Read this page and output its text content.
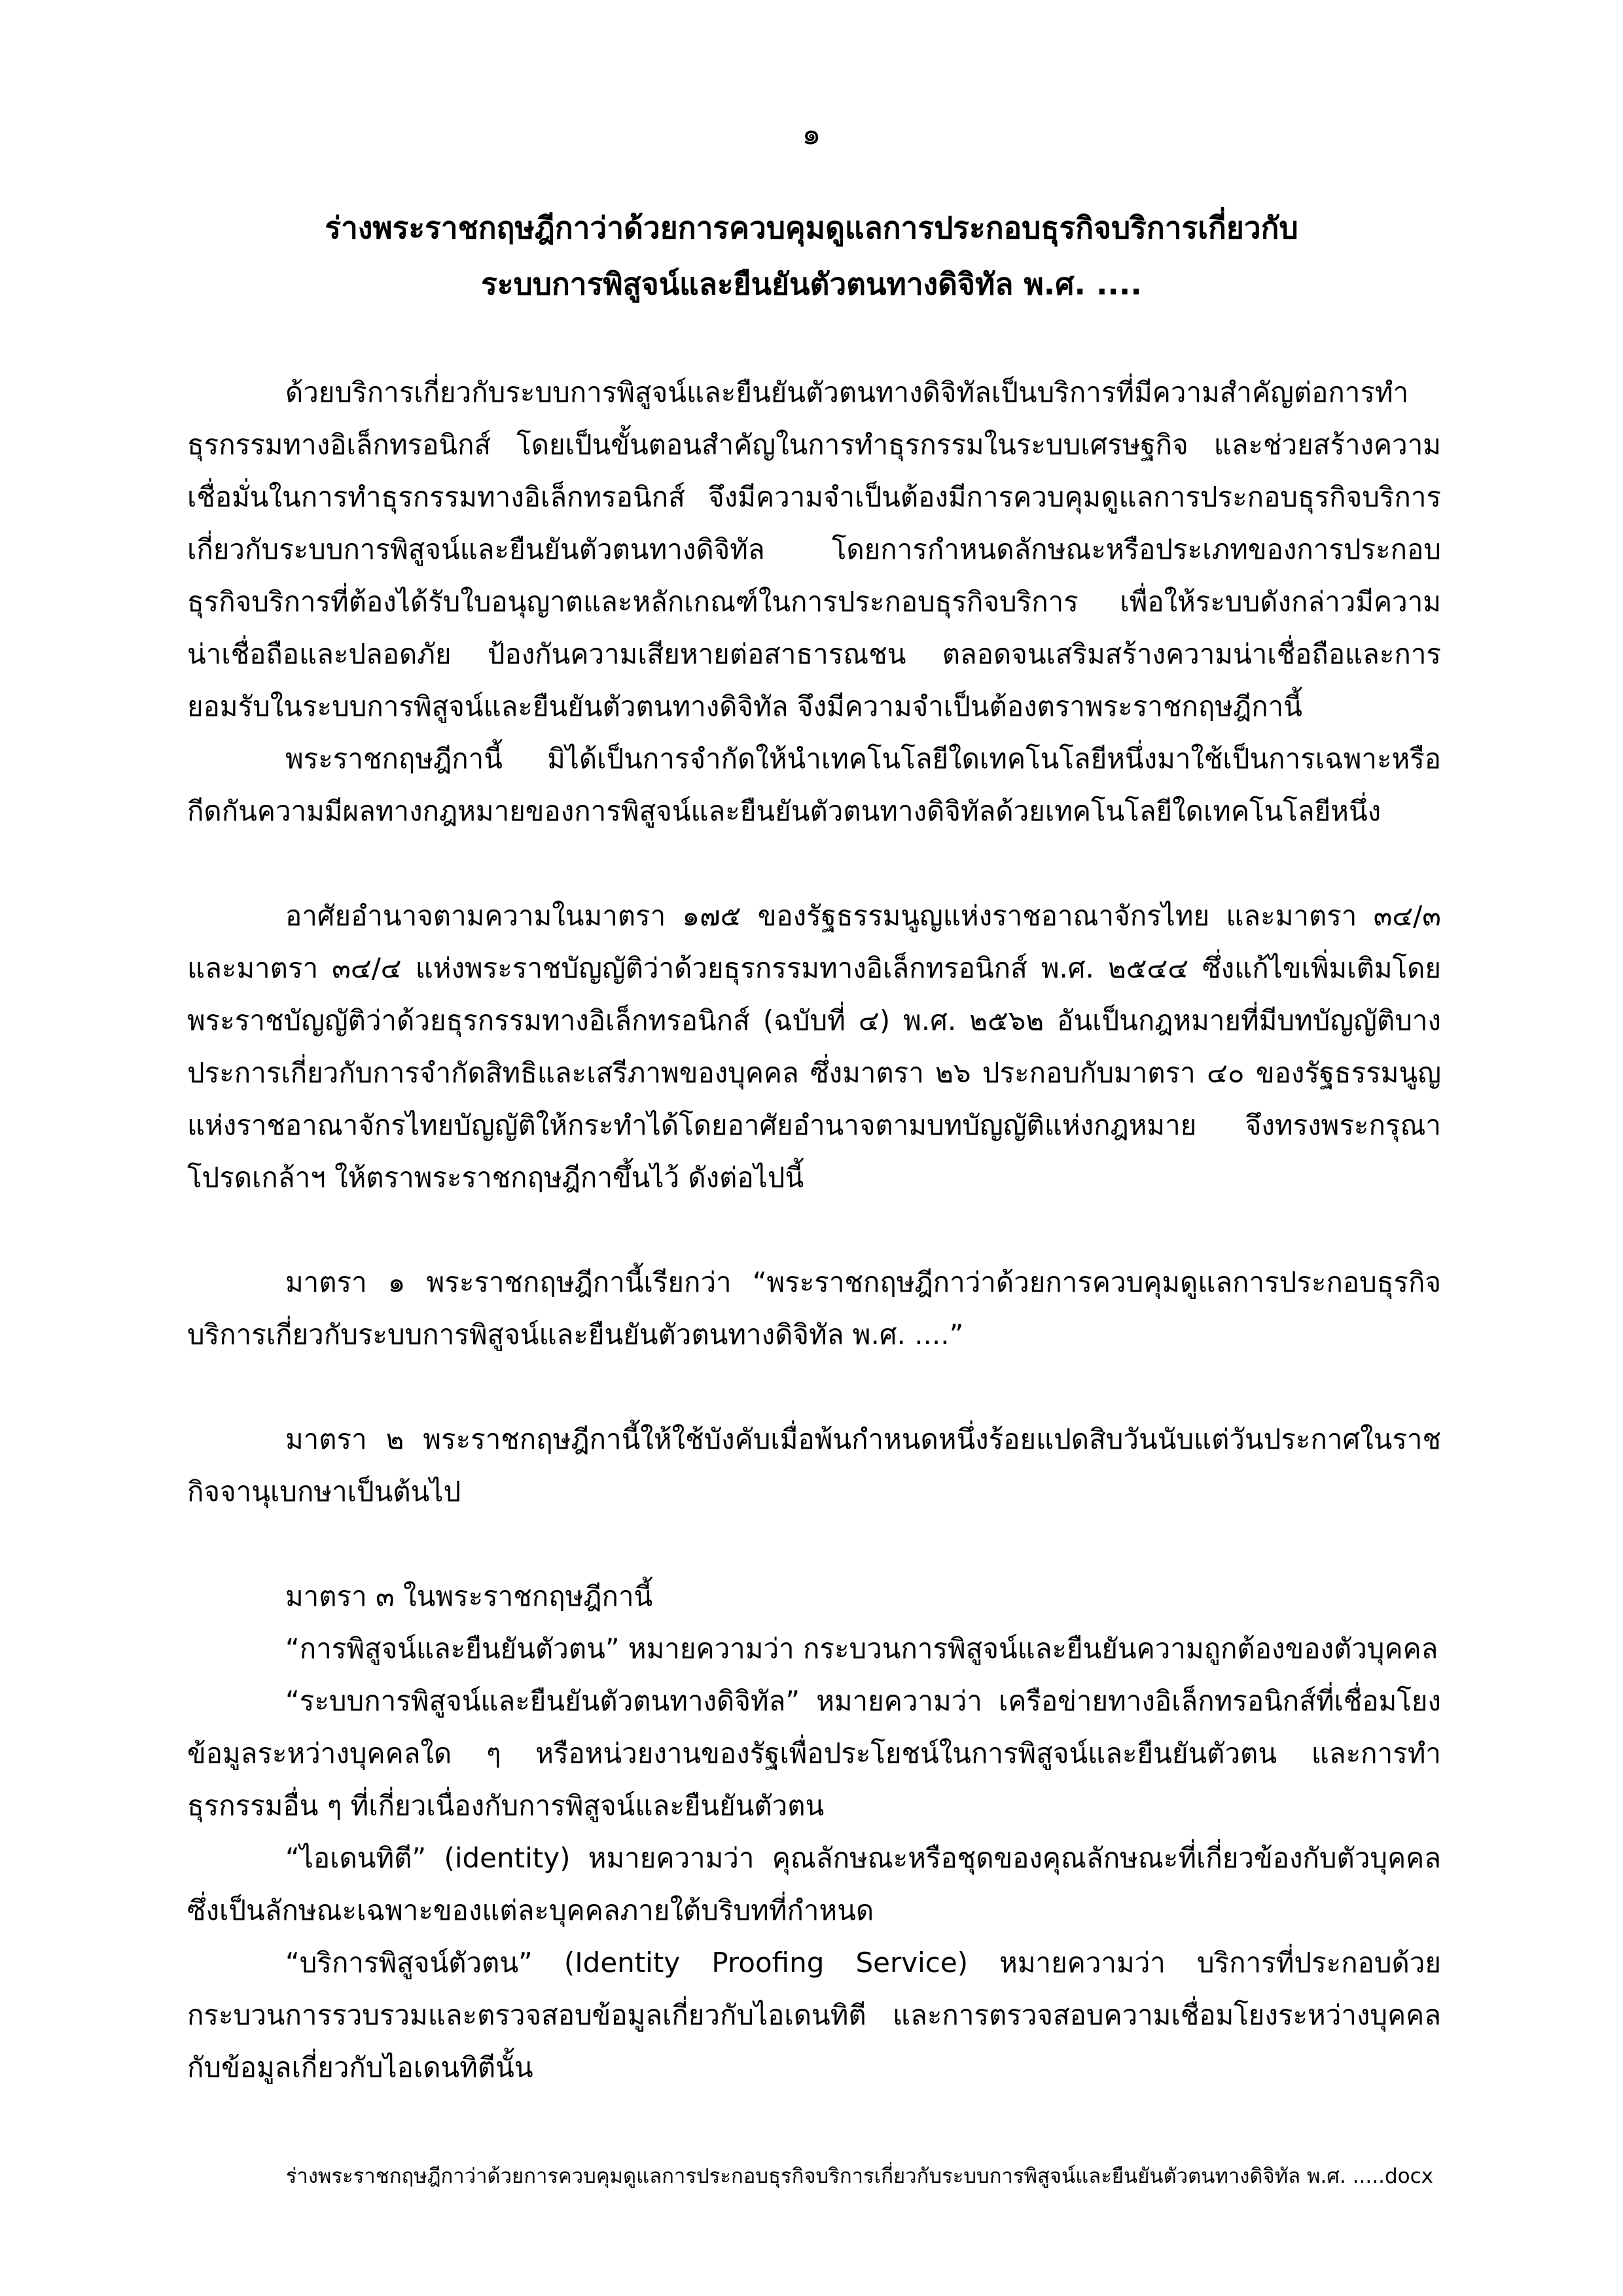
๑

ร่างพระราชกฤษฎีกาว่าด้วยการควบคุมดูแลการประกอบธุรกิจบริการเกี่ยวกับ
ระบบการพิสูจน์และยืนยันตัวตนทางดิจิทัล พ.ศ. ....

ด้วยบริการเกี่ยวกับระบบการพิสูจน์และยืนยันตัวตนทางดิจิทัลเป็นบริการที่มีความสำคัญต่อการทำธุรกรรมทางอิเล็กทรอนิกส์ โดยเป็นขั้นตอนสำคัญในการทำธุรกรรมในระบบเศรษฐกิจ และช่วยสร้างความเชื่อมั่นในการทำธุรกรรมทางอิเล็กทรอนิกส์ จึงมีความจำเป็นต้องมีการควบคุมดูแลการประกอบธุรกิจบริการเกี่ยวกับระบบการพิสูจน์และยืนยันตัวตนทางดิจิทัล โดยการกำหนดลักษณะหรือประเภทของการประกอบธุรกิจบริการที่ต้องได้รับใบอนุญาตและหลักเกณฑ์ในการประกอบธุรกิจบริการ เพื่อให้ระบบดังกล่าวมีความน่าเชื่อถือและปลอดภัย ป้องกันความเสียหายต่อสาธารณชน ตลอดจนเสริมสร้างความน่าเชื่อถือและการยอมรับในระบบการพิสูจน์และยืนยันตัวตนทางดิจิทัล จึงมีความจำเป็นต้องตราพระราชกฤษฎีกานี้

พระราชกฤษฎีกานี้ มิได้เป็นการจำกัดให้นำเทคโนโลยีใดเทคโนโลยีหนึ่งมาใช้เป็นการเฉพาะหรือกีดกันความมีผลทางกฎหมายของการพิสูจน์และยืนยันตัวตนทางดิจิทัลด้วยเทคโนโลยีใดเทคโนโลยีหนึ่ง

อาศัยอำนาจตามความในมาตรา ๑๗๕ ของรัฐธรรมนูญแห่งราชอาณาจักรไทย และมาตรา ๓๔/๓ และมาตรา ๓๔/๔ แห่งพระราชบัญญัติว่าด้วยธุรกรรมทางอิเล็กทรอนิกส์ พ.ศ. ๒๕๔๔ ซึ่งแก้ไขเพิ่มเติมโดยพระราชบัญญัติว่าด้วยธุรกรรมทางอิเล็กทรอนิกส์ (ฉบับที่ ๔) พ.ศ. ๒๕๖๒ อันเป็นกฎหมายที่มีบทบัญญัติบางประการเกี่ยวกับการจำกัดสิทธิและเสรีภาพของบุคคล ซึ่งมาตรา ๒๖ ประกอบกับมาตรา ๔๐ ของรัฐธรรมนูญแห่งราชอาณาจักรไทยบัญญัติให้กระทำได้โดยอาศัยอำนาจตามบทบัญญัติแห่งกฎหมาย จึงทรงพระกรุณาโปรดเกล้าฯ ให้ตราพระราชกฤษฎีกาขึ้นไว้ ดังต่อไปนี้

มาตรา ๑ พระราชกฤษฎีกานี้เรียกว่า “พระราชกฤษฎีกาว่าด้วยการควบคุมดูแลการประกอบธุรกิจบริการเกี่ยวกับระบบการพิสูจน์และยืนยันตัวตนทางดิจิทัล พ.ศ. ....”

มาตรา ๒ พระราชกฤษฎีกานี้ให้ใช้บังคับเมื่อพ้นกำหนดหนึ่งร้อยแปดสิบวันนับแต่วันประกาศในราชกิจจานุเบกษาเป็นต้นไป

มาตรา ๓ ในพระราชกฤษฎีกานี้

“การพิสูจน์และยืนยันตัวตน” หมายความว่า กระบวนการพิสูจน์และยืนยันความถูกต้องของตัวบุคคล

“ระบบการพิสูจน์และยืนยันตัวตนทางดิจิทัล” หมายความว่า เครือข่ายทางอิเล็กทรอนิกส์ที่เชื่อมโยงข้อมูลระหว่างบุคคลใด ๆ หรือหน่วยงานของรัฐเพื่อประโยชน์ในการพิสูจน์และยืนยันตัวตน และการทำธุรกรรมอื่น ๆ ที่เกี่ยวเนื่องกับการพิสูจน์และยืนยันตัวตน

“ไอเดนทิตี” (identity) หมายความว่า คุณลักษณะหรือชุดของคุณลักษณะที่เกี่ยวข้องกับตัวบุคคลซึ่งเป็นลักษณะเฉพาะของแต่ละบุคคลภายใต้บริบทที่กำหนด

“บริการพิสูจน์ตัวตน” (Identity Proofing Service) หมายความว่า บริการที่ประกอบด้วยกระบวนการรวบรวมและตรวจสอบข้อมูลเกี่ยวกับไอเดนทิตี และการตรวจสอบความเชื่อมโยงระหว่างบุคคลกับข้อมูลเกี่ยวกับไอเดนทิตีนั้น

ร่างพระราชกฤษฎีกาว่าด้วยการควบคุมดูแลการประกอบธุรกิจบริการเกี่ยวกับระบบการพิสูจน์และยืนยันตัวตนทางดิจิทัล พ.ศ. .....docx
